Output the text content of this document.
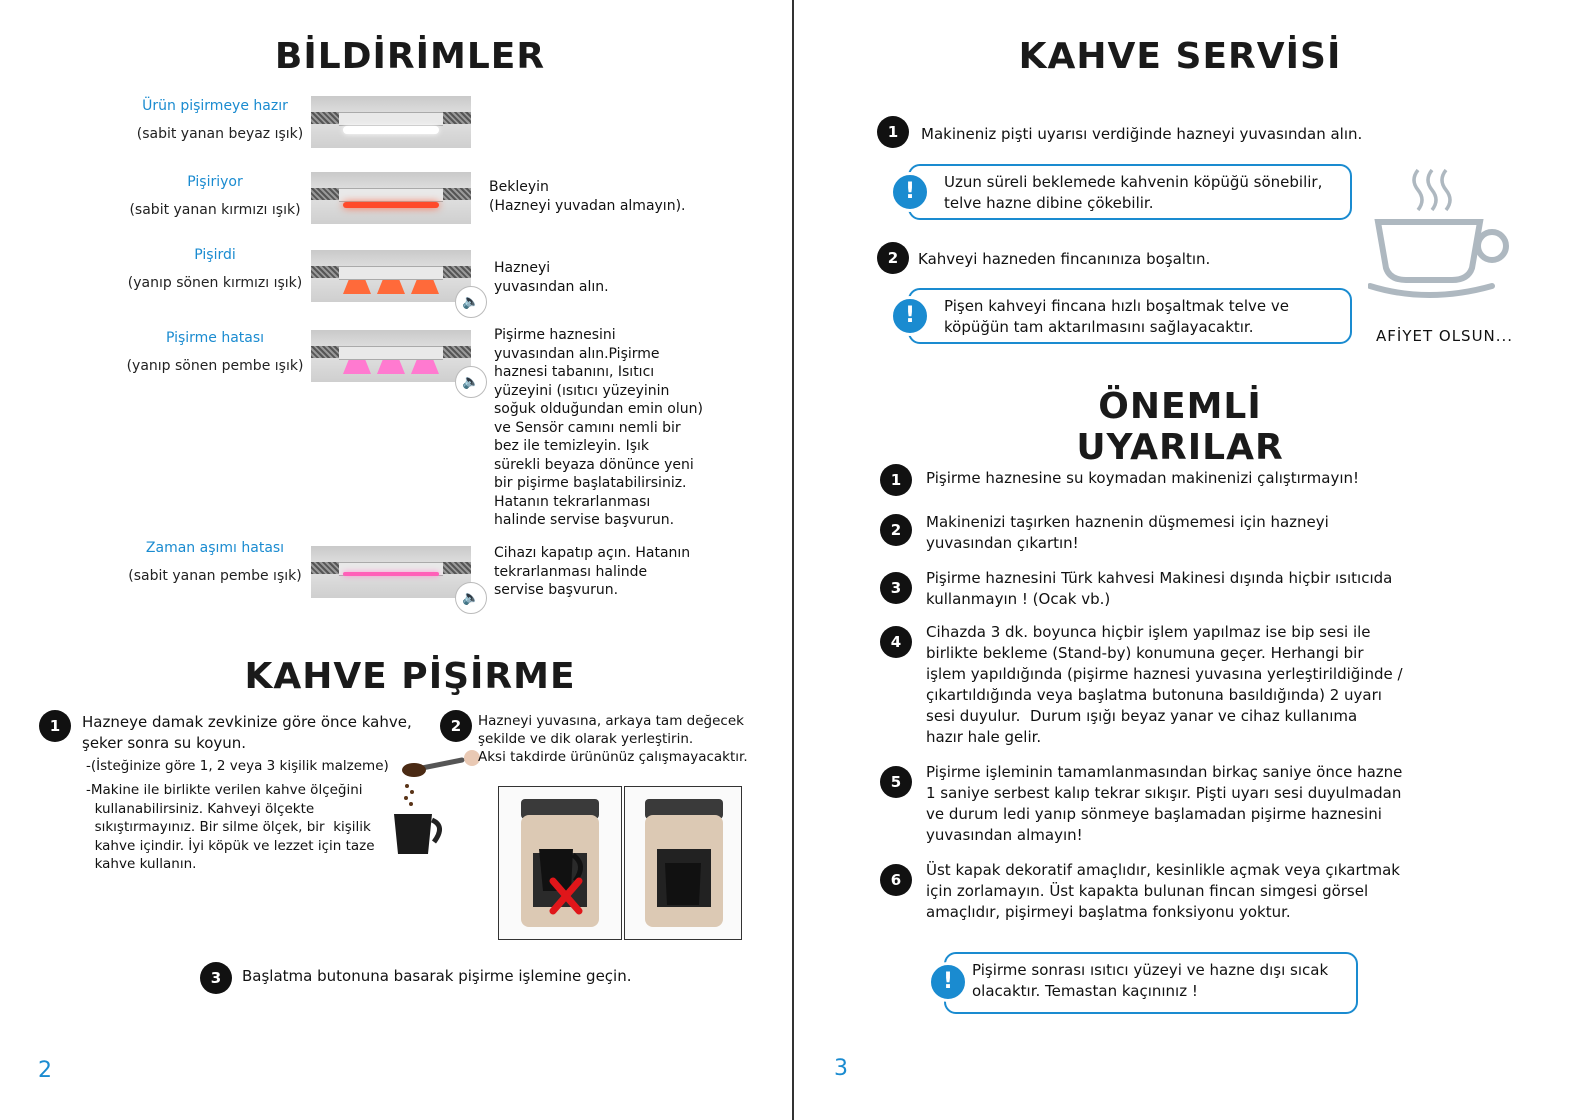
BİLDİRİMLER
Ürün pişirmeye hazır
(sabit yanan beyaz ışık)
Pişiriyor
(sabit yanan kırmızı ışık)
Bekleyin
(Hazneyi yuvadan almayın).
Pişirdi
(yanıp sönen kırmızı ışık)
🔈
Hazneyi
yuvasından alın.
Pişirme hatası
(yanıp sönen pembe ışık)
🔈
Pişirme haznesini
yuvasından alın.Pişirme
haznesi tabanını, Isıtıcı
yüzeyini (ısıtıcı yüzeyinin
soğuk olduğundan emin olun)
ve Sensör camını nemli bir
bez ile temizleyin. Işık
sürekli beyaza dönünce yeni
bir pişirme başlatabilirsiniz.
Hatanın tekrarlanması
halinde servise başvurun.
Zaman aşımı hatası
(sabit yanan pembe ışık)
🔈
Cihazı kapatıp açın. Hatanın
tekrarlanması halinde
servise başvurun.
KAHVE PİŞİRME
1	Hazneye damak zevkinize göre önce kahve,
şeker sonra su koyun.
-(İsteğinize göre 1, 2 veya 3 kişilik malzeme)
-Makine ile birlikte verilen kahve ölçeğini
kullanabilirsiniz. Kahveyi ölçekte
sıkıştırmayınız. Bir silme ölçek, bir  kişilik
kahve içindir. İyi köpük ve lezzet için taze
kahve kullanın.
2	Hazneyi yuvasına, arkaya tam değecek
şekilde ve dik olarak yerleştirin.
Aksi takdirde ürününüz çalışmayacaktır.
3	Başlatma butonuna basarak pişirme işlemine geçin.
2
KAHVE SERVİSİ
1	Makineniz pişti uyarısı verdiğinde hazneyi yuvasından alın.
Uzun süreli beklemede kahvenin köpüğü sönebilir,
telve hazne dibine çökebilir.
!
2	Kahveyi hazneden fincanınıza boşaltın.
Pişen kahveyi fincana hızlı boşaltmak telve ve
köpüğün tam aktarılmasını sağlayacaktır.
!
AFİYET OLSUN...
ÖNEMLİ UYARILAR
1	Pişirme haznesine su koymadan makinenizi çalıştırmayın!
2	Makinenizi taşırken haznenin düşmemesi için hazneyi
yuvasından çıkartın!
3
Pişirme haznesini Türk kahvesi Makinesi dışında hiçbir ısıtıcıda
kullanmayın ! (Ocak vb.)
4
Cihazda 3 dk. boyunca hiçbir işlem yapılmaz ise bip sesi ile
birlikte bekleme (Stand-by) konumuna geçer. Herhangi bir
işlem yapıldığında (pişirme haznesi yuvasına yerleştirildiğinde /
çıkartıldığında veya başlatma butonuna basıldığında) 2 uyarı
sesi duyulur.  Durum ışığı beyaz yanar ve cihaz kullanıma
hazır hale gelir.
5
Pişirme işleminin tamamlanmasından birkaç saniye önce hazne
1 saniye serbest kalıp tekrar sıkışır. Pişti uyarı sesi duyulmadan
ve durum ledi yanıp sönmeye başlamadan pişirme haznesini
yuvasından almayın!
6
Üst kapak dekoratif amaçlıdır, kesinlikle açmak veya çıkartmak
için zorlamayın. Üst kapakta bulunan fincan simgesi görsel
amaçlıdır, pişirmeyi başlatma fonksiyonu yoktur.
Pişirme sonrası ısıtıcı yüzeyi ve hazne dışı sıcak
olacaktır. Temastan kaçınınız !
!
3
